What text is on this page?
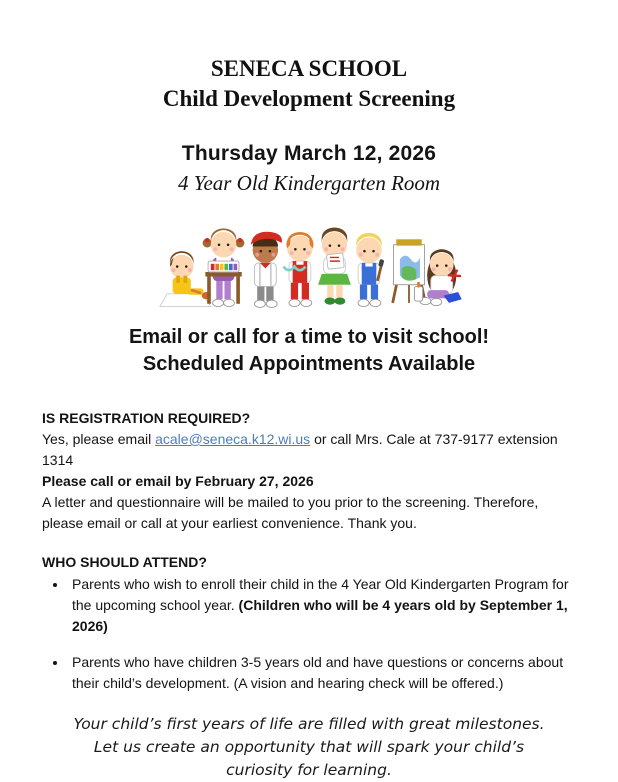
SENECA SCHOOL
Child Development Screening
Thursday March 12, 2026
4 Year Old Kindergarten Room
Email or call for a time to visit school!
Scheduled Appointments Available
IS REGISTRATION REQUIRED?
Yes, please email acale@seneca.k12.wi.us or call Mrs. Cale at 737-9177 extension 1314
Please call or email by February 27, 2026
A letter and questionnaire will be mailed to you prior to the screening. Therefore, please email or call at your earliest convenience. Thank you.
WHO SHOULD ATTEND?
• Parents who wish to enroll their child in the 4 Year Old Kindergarten Program for the upcoming school year. (Children who will be 4 years old by September 1, 2026)
• Parents who have children 3-5 years old and have questions or concerns about their child’s development. (A vision and hearing check will be offered.)
Your child’s first years of life are filled with great milestones.
Let us create an opportunity that will spark your child’s
curiosity for learning.
